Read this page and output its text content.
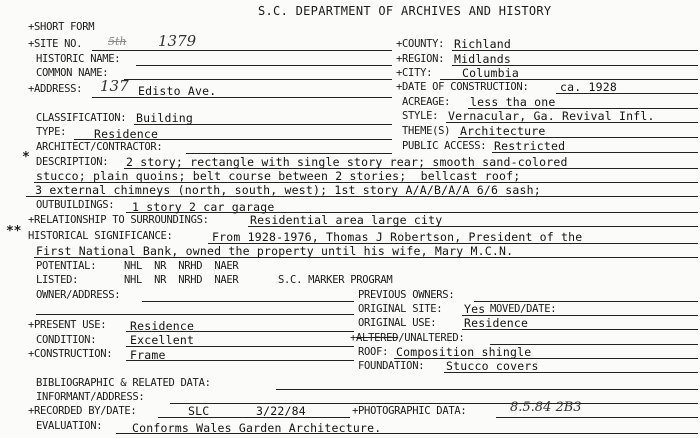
S.C. DEPARTMENT OF ARCHIVES AND HISTORY
+SHORT FORM
+SITE NO. 5th 1379
HISTORIC NAME:
COMMON NAME:
+ADDRESS: 137 Edisto Ave.
CLASSIFICATION: Building
TYPE: Residence
ARCHITECT/CONTRACTOR:
+COUNTY: Richland
+REGION: Midlands
+CITY:	Columbia
+DATE OF CONSTRUCTION:	ca. 1928
ACREAGE: less tha one
STYLE: Vernacular, Ga. Revival Infl.
THEME(S) Architecture
PUBLIC ACCESS: Restricted
* DESCRIPTION: 2 story; rectangle with single story rear; smooth sand-colored
stucco; plain quoins; belt course between 2 stories;  bellcast roof;
3 external chimneys (north, south, west); 1st story A/A/B/A/A 6/6 sash;
OUTBUILDINGS: 1 story 2 car garage
+RELATIONSHIP TO SURROUNDINGS:	Residential area large city
** HISTORICAL SIGNIFICANCE:	From 1928-1976, Thomas J Robertson, President of the
First National Bank, owned the property until his wife, Mary M.C.N.
POTENTIAL:	NHL  NR  NRHD  NAER
LISTED:	NHL  NR  NRHD  NAER	S.C. MARKER PROGRAM
OWNER/ADDRESS:	PREVIOUS OWNERS:
ORIGINAL SITE: Yes MOVED/DATE:
+PRESENT USE: Residence	ORIGINAL USE: Residence
CONDITION:	Excellent	+ALTERED/UNALTERED:
+CONSTRUCTION: Frame	ROOF: Composition shingle
FOUNDATION: Stucco covers
BIBLIOGRAPHIC & RELATED DATA:
INFORMANT/ADDRESS:
+RECORDED BY/DATE:	SLC	3/22/84	+PHOTOGRAPHIC DATA:	8.5.84 2B3
EVALUATION:	Conforms Wales Garden Architecture.
